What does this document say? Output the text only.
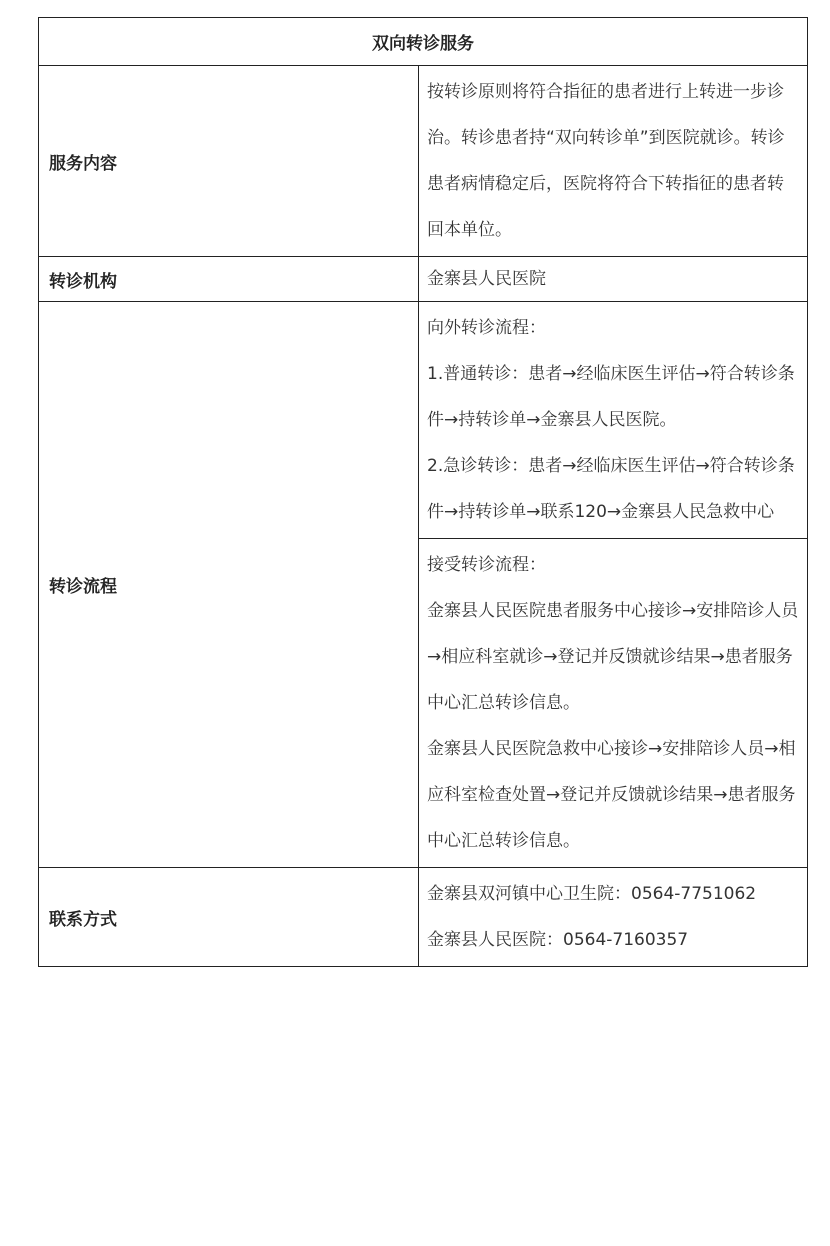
双向转诊服务	
服务内容	按转诊原则将符合指征的患者进行上转进一步诊治。转诊患者持“双向转诊单”到医院就诊。转诊患者病情稳定后，医院将符合下转指征的患者转回本单位。

转诊机构	金寨县人民医院
转诊流程	向外转诊流程：

1.普通转诊：患者→经临床医生评估→符合转诊条件→持转诊单→金寨县人民医院。

2.急诊转诊：患者→经临床医生评估→符合转诊条件→持转诊单→联系120→金寨县人民急救中心

	接受转诊流程：

金寨县人民医院患者服务中心接诊→安排陪诊人员→相应科室就诊→登记并反馈就诊结果→患者服务中心汇总转诊信息。

金寨县人民医院急救中心接诊→安排陪诊人员→相应科室检查处置→登记并反馈就诊结果→患者服务中心汇总转诊信息。

联系方式	金寨县双河镇中心卫生院：0564-7751062

金寨县人民医院：0564-7160357
